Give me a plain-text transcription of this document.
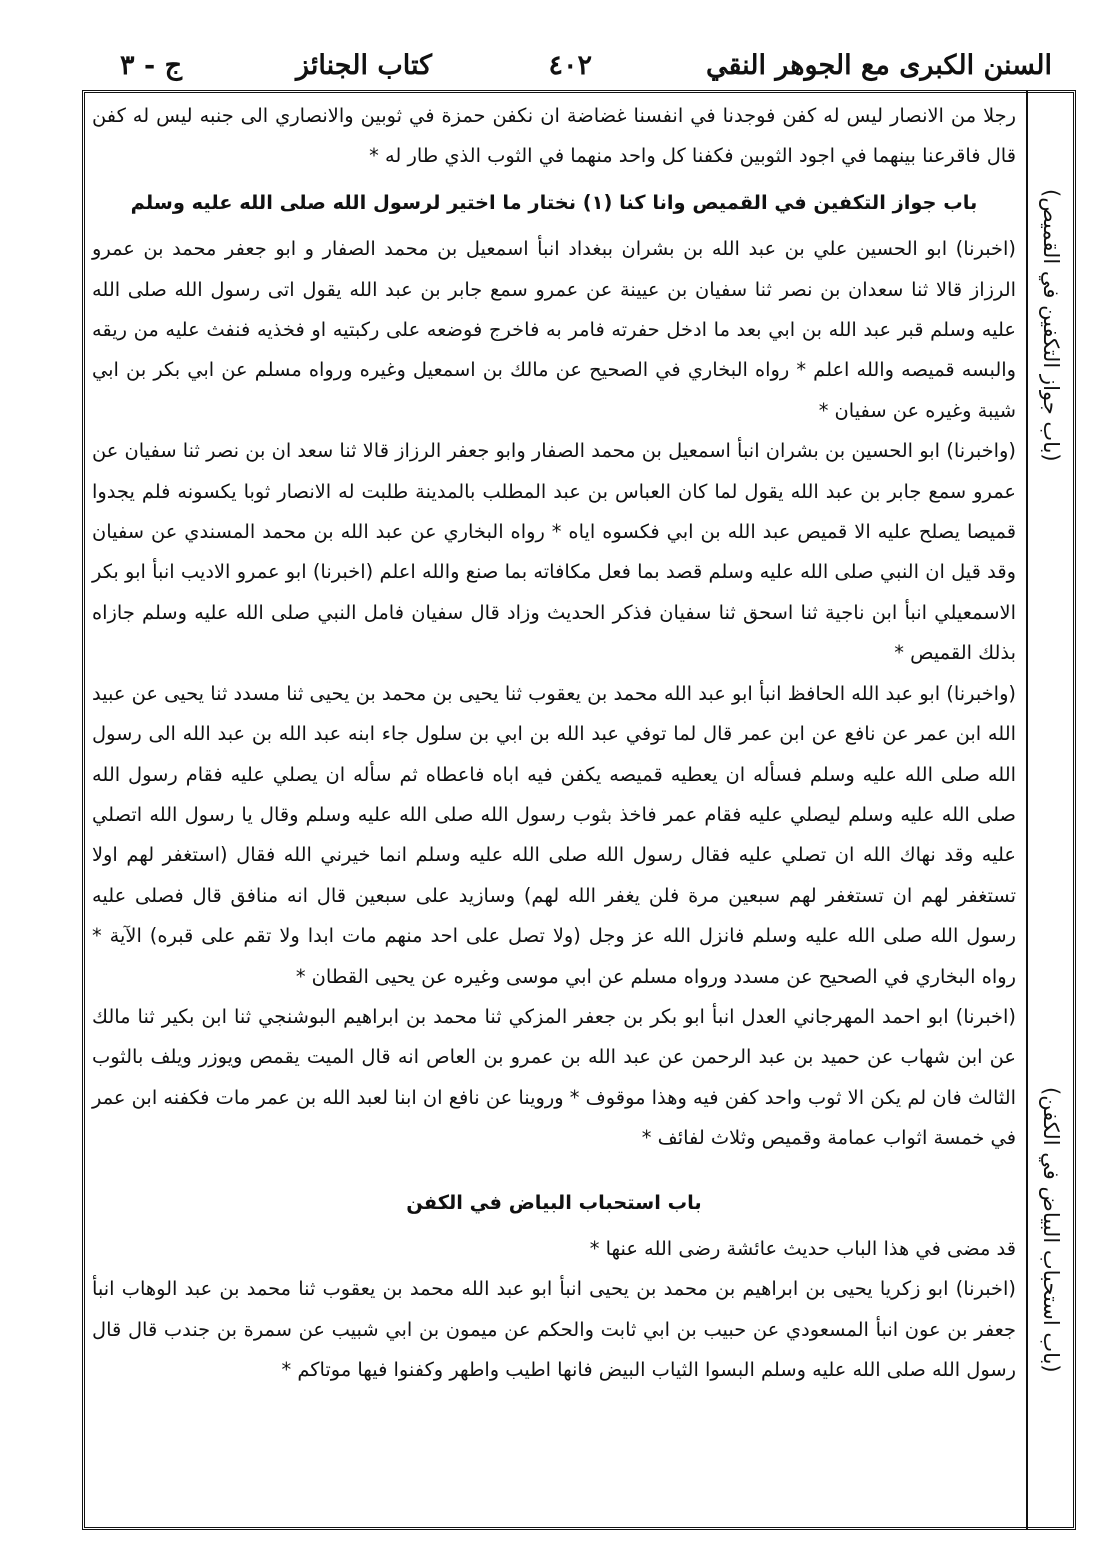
السنن الكبرى مع الجوهر النقي
٤٠٢
كتاب الجنائز
ج - ٣
(باب جواز التكفين في القميص)
(باب استحباب البياض في الكفن)

رجلا من الانصار ليس له كفن فوجدنا في انفسنا غضاضة ان نكفن حمزة في ثوبين والانصاري الى جنبه ليس له كفن قال فاقرعنا بينهما في اجود الثوبين فكفنا كل واحد منهما في الثوب الذي طار له *

باب جواز التكفين في القميص وانا كنا (١) نختار ما اختير لرسول الله صلى الله عليه وسلم

(اخبرنا) ابو الحسين علي بن عبد الله بن بشران ببغداد انبأ اسمعيل بن محمد الصفار و ابو جعفر محمد بن عمرو الرزاز قالا ثنا سعدان بن نصر ثنا سفيان بن عيينة عن عمرو سمع جابر بن عبد الله يقول اتى رسول الله صلى الله عليه وسلم قبر عبد الله بن ابي بعد ما ادخل حفرته فامر به فاخرج فوضعه على ركبتيه او فخذيه فنفث عليه من ريقه والبسه قميصه والله اعلم * رواه البخاري في الصحيح عن مالك بن اسمعيل وغيره ورواه مسلم عن ابي بكر بن ابي شيبة وغيره عن سفيان *

(واخبرنا) ابو الحسين بن بشران انبأ اسمعيل بن محمد الصفار وابو جعفر الرزاز قالا ثنا سعد ان بن نصر ثنا سفيان عن عمرو سمع جابر بن عبد الله يقول لما كان العباس بن عبد المطلب بالمدينة طلبت له الانصار ثوبا يكسونه فلم يجدوا قميصا يصلح عليه الا قميص عبد الله بن ابي فكسوه اياه * رواه البخاري عن عبد الله بن محمد المسندي عن سفيان وقد قيل ان النبي صلى الله عليه وسلم قصد بما فعل مكافاته بما صنع والله اعلم (اخبرنا) ابو عمرو الاديب انبأ ابو بكر الاسمعيلي انبأ ابن ناجية ثنا اسحق ثنا سفيان فذكر الحديث وزاد قال سفيان فامل النبي صلى الله عليه وسلم جازاه بذلك القميص *

(واخبرنا) ابو عبد الله الحافظ انبأ ابو عبد الله محمد بن يعقوب ثنا يحيى بن محمد بن يحيى ثنا مسدد ثنا يحيى عن عبيد الله ابن عمر عن نافع عن ابن عمر قال لما توفي عبد الله بن ابي بن سلول جاء ابنه عبد الله بن عبد الله الى رسول الله صلى الله عليه وسلم فسأله ان يعطيه قميصه يكفن فيه اباه فاعطاه ثم سأله ان يصلي عليه فقام رسول الله صلى الله عليه وسلم ليصلي عليه فقام عمر فاخذ بثوب رسول الله صلى الله عليه وسلم وقال يا رسول الله اتصلي عليه وقد نهاك الله ان تصلي عليه فقال رسول الله صلى الله عليه وسلم انما خيرني الله فقال (استغفر لهم اولا تستغفر لهم ان تستغفر لهم سبعين مرة فلن يغفر الله لهم) وسازيد على سبعين قال انه منافق قال فصلى عليه رسول الله صلى الله عليه وسلم فانزل الله عز وجل (ولا تصل على احد منهم مات ابدا ولا تقم على قبره) الآية * رواه البخاري في الصحيح عن مسدد ورواه مسلم عن ابي موسى وغيره عن يحيى القطان *

(اخبرنا) ابو احمد المهرجاني العدل انبأ ابو بكر بن جعفر المزكي ثنا محمد بن ابراهيم البوشنجي ثنا ابن بكير ثنا مالك عن ابن شهاب عن حميد بن عبد الرحمن عن عبد الله بن عمرو بن العاص انه قال الميت يقمص ويوزر ويلف بالثوب الثالث فان لم يكن الا ثوب واحد كفن فيه وهذا موقوف * وروينا عن نافع ان ابنا لعبد الله بن عمر مات فكفنه ابن عمر في خمسة اثواب عمامة وقميص وثلاث لفائف *

باب استحباب البياض في الكفن

قد مضى في هذا الباب حديث عائشة رضى الله عنها *

(اخبرنا) ابو زكريا يحيى بن ابراهيم بن محمد بن يحيى انبأ ابو عبد الله محمد بن يعقوب ثنا محمد بن عبد الوهاب انبأ جعفر بن عون انبأ المسعودي عن حبيب بن ابي ثابت والحكم عن ميمون بن ابي شبيب عن سمرة بن جندب قال قال رسول الله صلى الله عليه وسلم البسوا الثياب البيض فانها اطيب واطهر وكفنوا فيها موتاكم *
